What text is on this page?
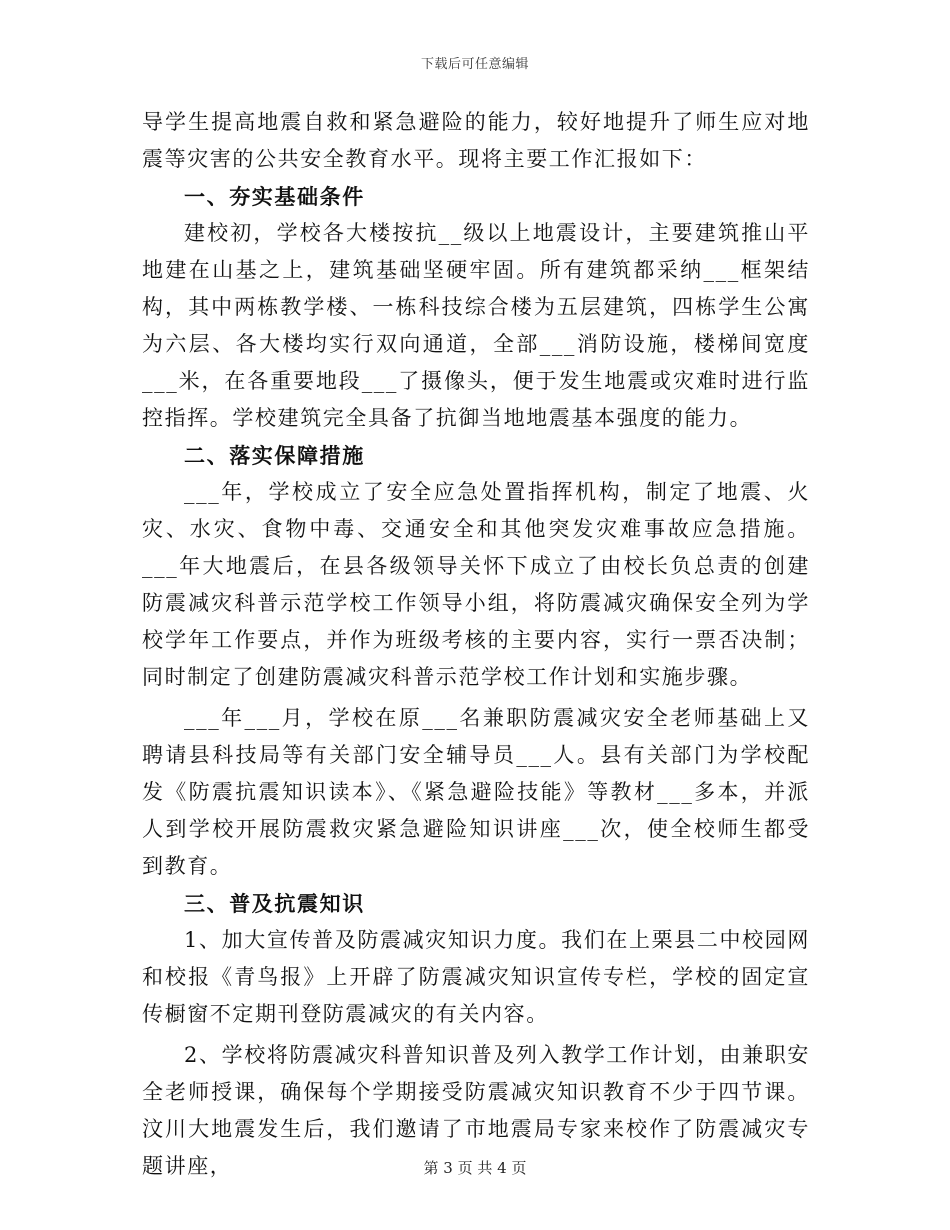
下载后可任意编辑

导学生提高地震自救和紧急避险的能力，较好地提升了师生应对地震等灾害的公共安全教育水平。现将主要工作汇报如下：

一、夯实基础条件

建校初，学校各大楼按抗__级以上地震设计，主要建筑推山平地建在山基之上，建筑基础坚硬牢固。所有建筑都采纳___框架结构，其中两栋教学楼、一栋科技综合楼为五层建筑，四栋学生公寓为六层、各大楼均实行双向通道，全部___消防设施，楼梯间宽度___米，在各重要地段___了摄像头，便于发生地震或灾难时进行监控指挥。学校建筑完全具备了抗御当地地震基本强度的能力。

二、落实保障措施

___年，学校成立了安全应急处置指挥机构，制定了地震、火灾、水灾、食物中毒、交通安全和其他突发灾难事故应急措施。___年大地震后，在县各级领导关怀下成立了由校长负总责的创建防震减灾科普示范学校工作领导小组，将防震减灾确保安全列为学校学年工作要点，并作为班级考核的主要内容，实行一票否决制；同时制定了创建防震减灾科普示范学校工作计划和实施步骤。

___年___月，学校在原___名兼职防震减灾安全老师基础上又聘请县科技局等有关部门安全辅导员___人。县有关部门为学校配发《防震抗震知识读本》、《紧急避险技能》等教材___多本，并派人到学校开展防震救灾紧急避险知识讲座___次，使全校师生都受到教育。

三、普及抗震知识

1、加大宣传普及防震减灾知识力度。我们在上栗县二中校园网和校报《青鸟报》上开辟了防震减灾知识宣传专栏，学校的固定宣传橱窗不定期刊登防震减灾的有关内容。

2、学校将防震减灾科普知识普及列入教学工作计划，由兼职安全老师授课，确保每个学期接受防震减灾知识教育不少于四节课。汶川大地震发生后，我们邀请了市地震局专家来校作了防震减灾专题讲座，	第 3 页 共 4 页
